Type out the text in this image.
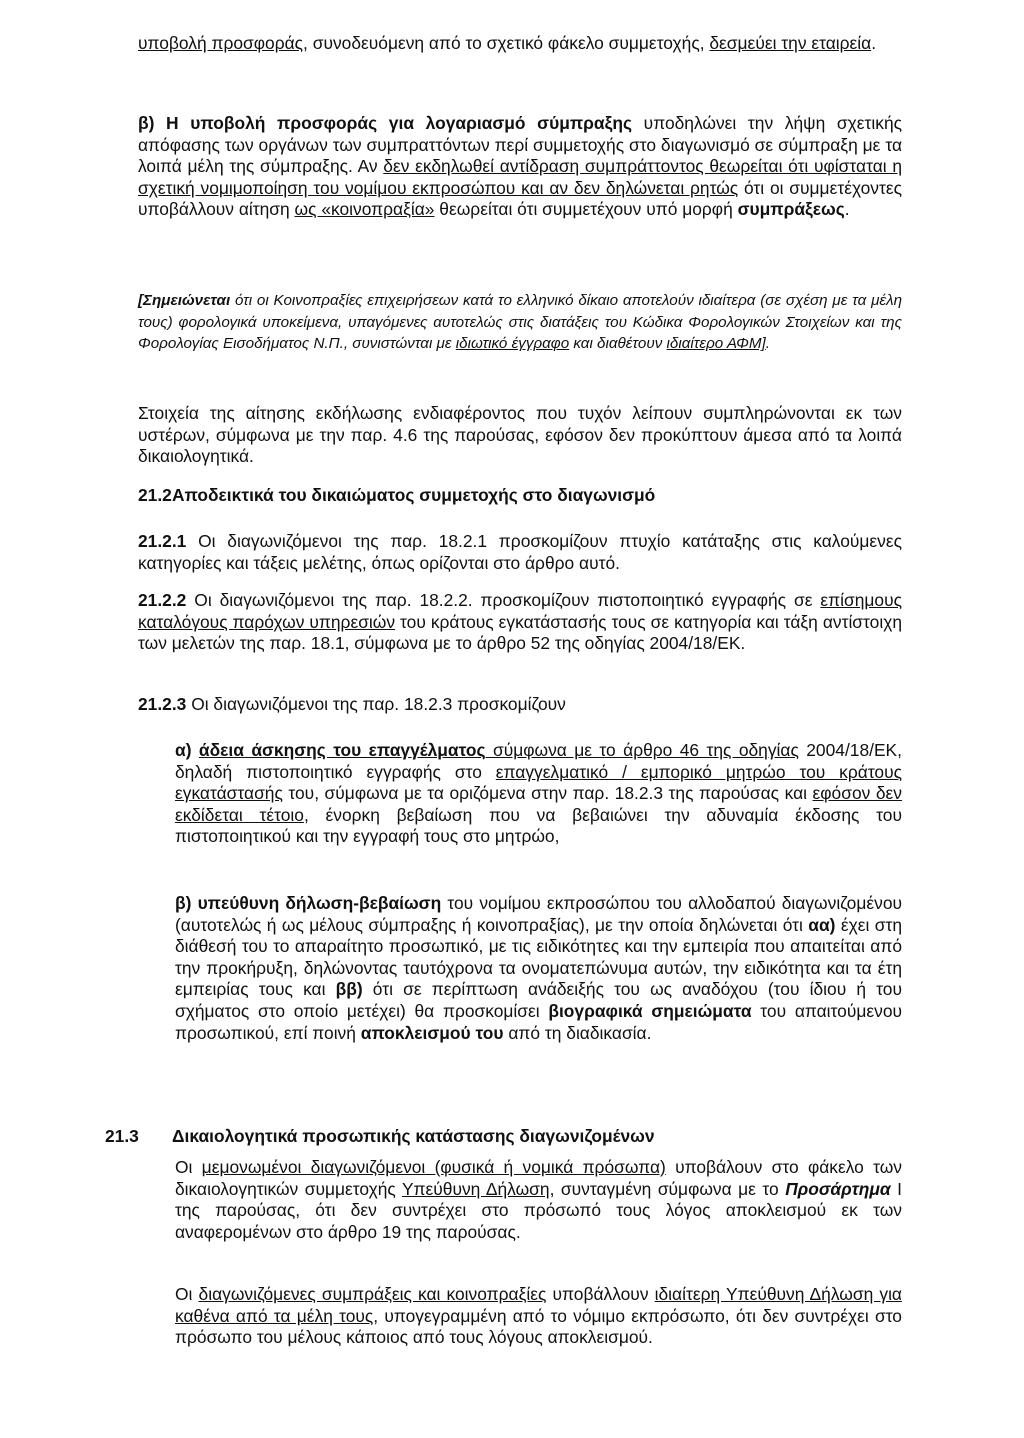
υποβολή προσφοράς, συνοδευόμενη από το σχετικό φάκελο συμμετοχής, δεσμεύει την εταιρεία.

β) Η υποβολή προσφοράς για λογαριασμό σύμπραξης υποδηλώνει την λήψη σχετικής απόφασης των οργάνων των συμπραττόντων περί συμμετοχής στο διαγωνισμό σε σύμπραξη με τα λοιπά μέλη της σύμπραξης. Αν δεν εκδηλωθεί αντίδραση συμπράττοντος θεωρείται ότι υφίσταται η σχετική νομιμοποίηση του νομίμου εκπροσώπου και αν δεν δηλώνεται ρητώς ότι οι συμμετέχοντες υποβάλλουν αίτηση ως «κοινοπραξία» θεωρείται ότι συμμετέχουν υπό μορφή συμπράξεως.

[Σημειώνεται ότι οι Κοινοπραξίες επιχειρήσεων κατά το ελληνικό δίκαιο αποτελούν ιδιαίτερα (σε σχέση με τα μέλη τους) φορολογικά υποκείμενα, υπαγόμενες αυτοτελώς στις διατάξεις του Κώδικα Φορολογικών Στοιχείων και της Φορολογίας Εισοδήματος Ν.Π., συνιστώνται με ιδιωτικό έγγραφο και διαθέτουν ιδιαίτερο ΑΦΜ].

Στοιχεία της αίτησης εκδήλωσης ενδιαφέροντος που τυχόν λείπουν συμπληρώνονται εκ των υστέρων, σύμφωνα με την παρ. 4.6 της παρούσας, εφόσον δεν προκύπτουν άμεσα από τα λοιπά δικαιολογητικά.

21.2 Αποδεικτικά του δικαιώματος συμμετοχής στο διαγωνισμό

21.2.1 Οι διαγωνιζόμενοι της παρ. 18.2.1 προσκομίζουν πτυχίο κατάταξης στις καλούμενες κατηγορίες και τάξεις μελέτης, όπως ορίζονται στο άρθρο αυτό.

21.2.2 Οι διαγωνιζόμενοι της παρ. 18.2.2. προσκομίζουν πιστοποιητικό εγγραφής σε επίσημους καταλόγους παρόχων υπηρεσιών του κράτους εγκατάστασής τους σε κατηγορία και τάξη αντίστοιχη των μελετών της παρ. 18.1, σύμφωνα με το άρθρο 52 της οδηγίας 2004/18/ΕΚ.

21.2.3 Οι διαγωνιζόμενοι της παρ. 18.2.3 προσκομίζουν

α) άδεια άσκησης του επαγγέλματος σύμφωνα με το άρθρο 46 της οδηγίας 2004/18/ΕΚ, δηλαδή πιστοποιητικό εγγραφής στο επαγγελματικό / εμπορικό μητρώο του κράτους εγκατάστασής του, σύμφωνα με τα οριζόμενα στην παρ. 18.2.3 της παρούσας και εφόσον δεν εκδίδεται τέτοιο, ένορκη βεβαίωση που να βεβαιώνει την αδυναμία έκδοσης του πιστοποιητικού και την εγγραφή τους στο μητρώο,

β) υπεύθυνη δήλωση-βεβαίωση του νομίμου εκπροσώπου του αλλοδαπού διαγωνιζομένου (αυτοτελώς ή ως μέλους σύμπραξης ή κοινοπραξίας), με την οποία δηλώνεται ότι αα) έχει στη διάθεσή του το απαραίτητο προσωπικό, με τις ειδικότητες και την εμπειρία που απαιτείται από την προκήρυξη, δηλώνοντας ταυτόχρονα τα ονοματεπώνυμα αυτών, την ειδικότητα και τα έτη εμπειρίας τους και ββ) ότι σε περίπτωση ανάδειξής του ως αναδόχου (του ίδιου ή του σχήματος στο οποίο μετέχει) θα προσκομίσει βιογραφικά σημειώματα του απαιτούμενου προσωπικού, επί ποινή αποκλεισμού του από τη διαδικασία.

21.3 Δικαιολογητικά προσωπικής κατάστασης διαγωνιζομένων

Οι μεμονωμένοι διαγωνιζόμενοι (φυσικά ή νομικά πρόσωπα) υποβάλουν στο φάκελο των δικαιολογητικών συμμετοχής Υπεύθυνη Δήλωση, συνταγμένη σύμφωνα με το Προσάρτημα Ι της παρούσας, ότι δεν συντρέχει στο πρόσωπό τους λόγος αποκλεισμού εκ των αναφερομένων στο άρθρο 19 της παρούσας.

Οι διαγωνιζόμενες συμπράξεις και κοινοπραξίες υποβάλλουν ιδιαίτερη Υπεύθυνη Δήλωση για καθένα από τα μέλη τους, υπογεγραμμένη από το νόμιμο εκπρόσωπο, ότι δεν συντρέχει στο πρόσωπο του μέλους κάποιος από τους λόγους αποκλεισμού.
